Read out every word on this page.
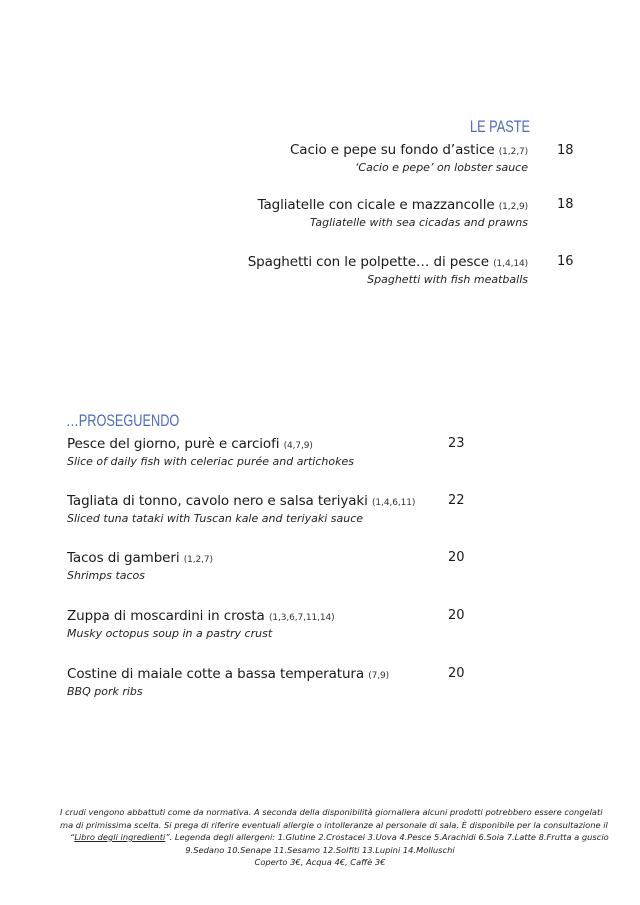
LE PASTE
Cacio e pepe su fondo d’astice (1,2,7)
‘Cacio e pepe’ on lobster sauce
18
Tagliatelle con cicale e mazzancolle (1,2,9)
Tagliatelle with sea cicadas and prawns
18
Spaghetti con le polpette… di pesce (1,4,14)
Spaghetti with fish meatballs
16
…PROSEGUENDO
Pesce del giorno, purè e carciofi (4,7,9)
Slice of daily fish with celeriac purée and artichokes
23
Tagliata di tonno, cavolo nero e salsa teriyaki (1,4,6,11)
Sliced tuna tataki with Tuscan kale and teriyaki sauce
22
Tacos di gamberi (1,2,7)
Shrimps tacos
20
Zuppa di moscardini in crosta (1,3,6,7,11,14)
Musky octopus soup in a pastry crust
20
Costine di maiale cotte a bassa temperatura (7,9)
BBQ pork ribs
20
I crudi vengono abbattuti come da normativa. A seconda della disponibilità giornaliera alcuni prodotti potrebbero essere congelati
ma di primissima scelta. Si prega di riferire eventuali allergie o intolleranze al personale di sala. È disponibile per la consultazione il
“Libro degli ingredienti”. Legenda degli allergeni: 1.Glutine 2.Crostacei 3.Uova 4.Pesce 5.Arachidi 6.Soia 7.Latte 8.Frutta a guscio
9.Sedano 10.Senape 11.Sesamo 12.Solfiti 13.Lupini 14.Molluschi
Coperto 3€, Acqua 4€, Caffè 3€
